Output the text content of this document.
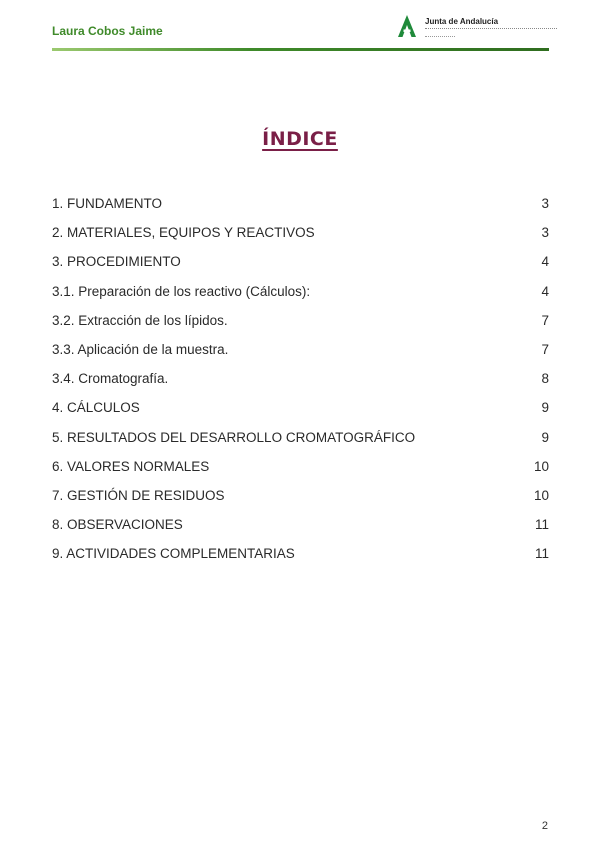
Laura Cobos Jaime
Junta de Andalucía
ÍNDICE
1. FUNDAMENTO	3
2. MATERIALES, EQUIPOS Y REACTIVOS	3
3. PROCEDIMIENTO	4
3.1. Preparación de los reactivo (Cálculos):	4
3.2. Extracción de los lípidos.	7
3.3. Aplicación de la muestra.	7
3.4. Cromatografía.	8
4. CÁLCULOS	9
5. RESULTADOS DEL DESARROLLO CROMATOGRÁFICO	9
6. VALORES NORMALES	10
7. GESTIÓN DE RESIDUOS	10
8. OBSERVACIONES	11
9. ACTIVIDADES COMPLEMENTARIAS	11
2
